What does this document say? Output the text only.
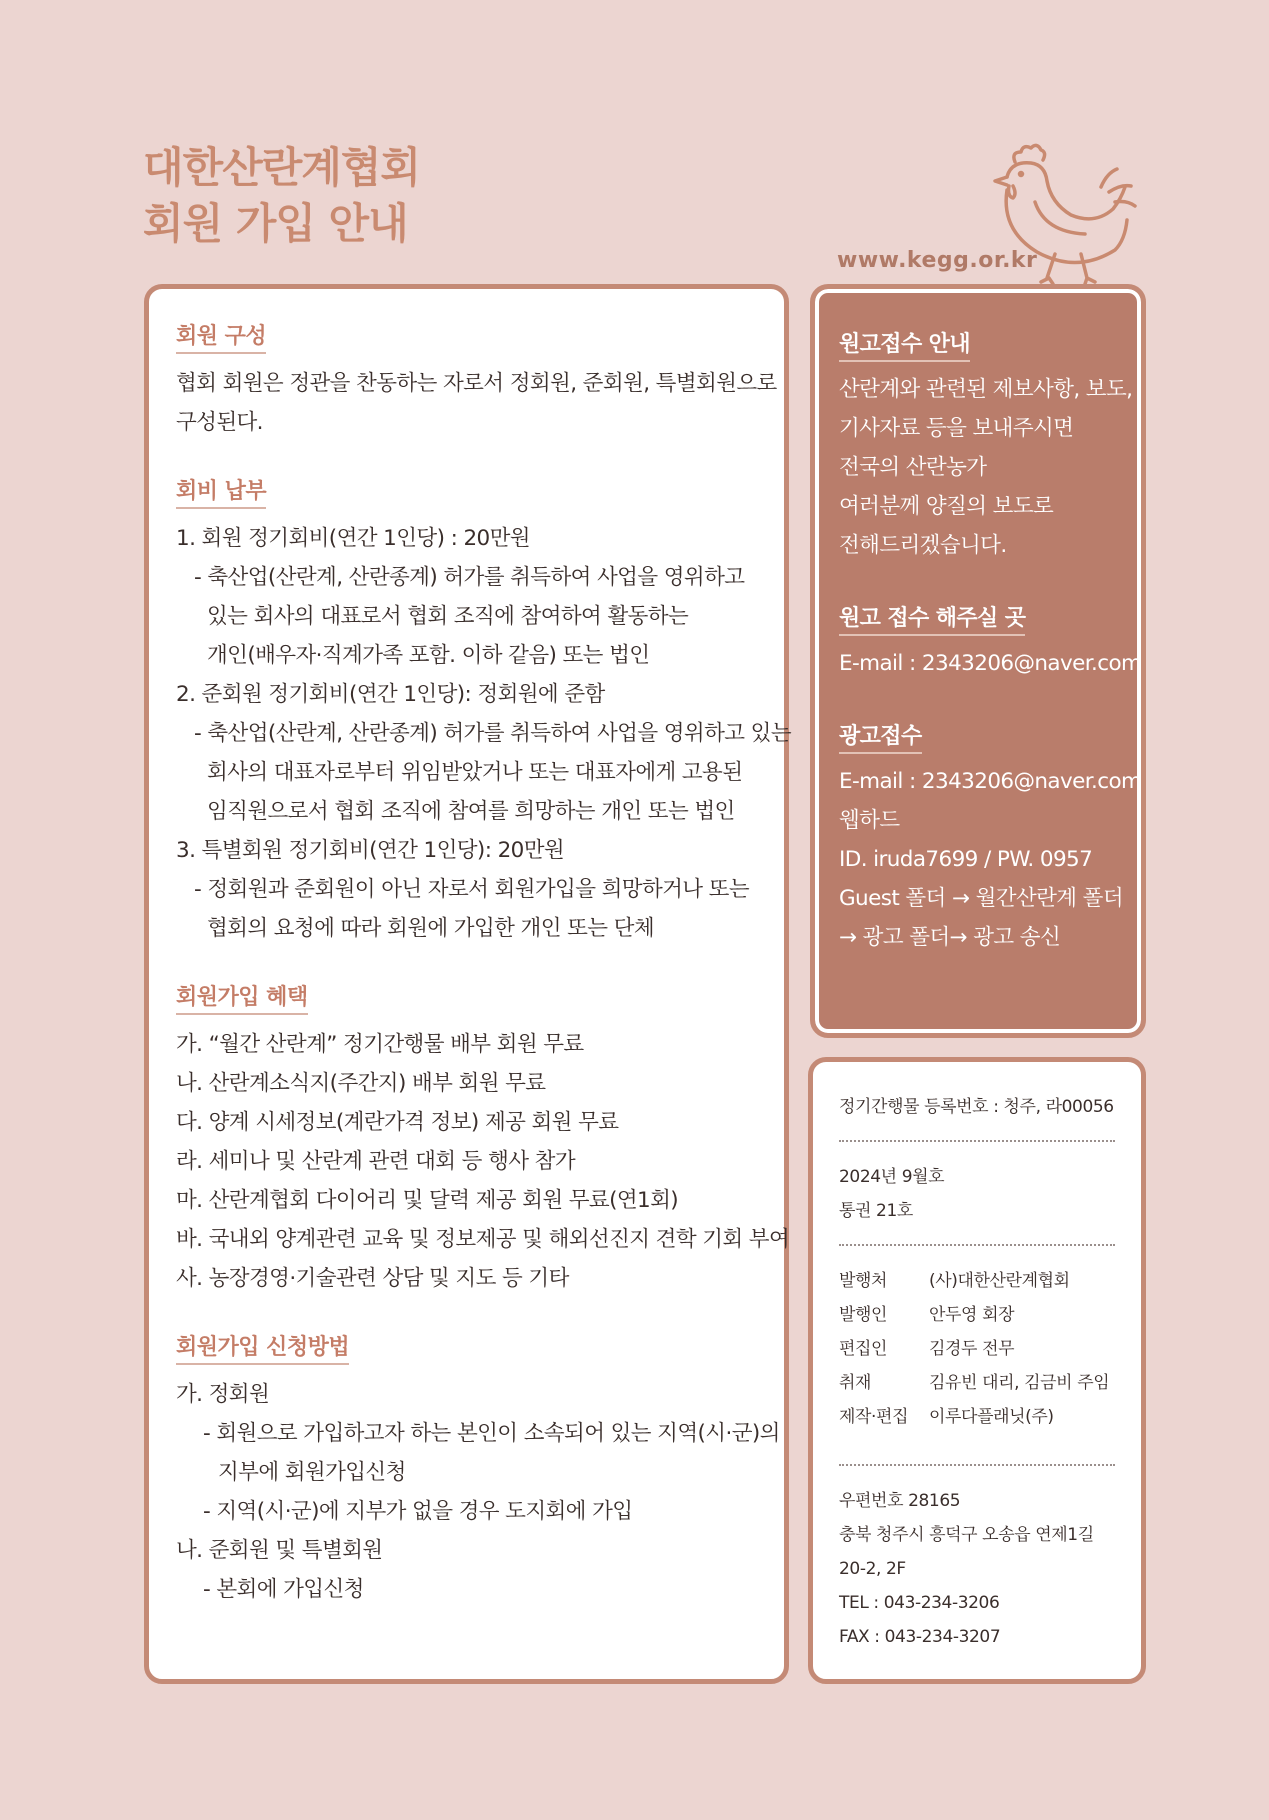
대한산란계협회
회원 가입 안내
www.kegg.or.kr
회원 구성
협회 회원은 정관을 찬동하는 자로서 정회원, 준회원, 특별회원으로
구성된다.
회비 납부
1. 회원 정기회비(연간 1인당) : 20만원
- 축산업(산란계, 산란종계) 허가를 취득하여 사업을 영위하고
있는 회사의 대표로서 협회 조직에 참여하여 활동하는
개인(배우자·직계가족 포함. 이하 같음) 또는 법인
2. 준회원 정기회비(연간 1인당): 정회원에 준함
- 축산업(산란계, 산란종계) 허가를 취득하여 사업을 영위하고 있는
회사의 대표자로부터 위임받았거나 또는 대표자에게 고용된
임직원으로서 협회 조직에 참여를 희망하는 개인 또는 법인
3. 특별회원 정기회비(연간 1인당): 20만원
- 정회원과 준회원이 아닌 자로서 회원가입을 희망하거나 또는
협회의 요청에 따라 회원에 가입한 개인 또는 단체
회원가입 혜택
가. “월간 산란계” 정기간행물 배부 회원 무료
나. 산란계소식지(주간지) 배부 회원 무료
다. 양계 시세정보(계란가격 정보) 제공 회원 무료
라. 세미나 및 산란계 관련 대회 등 행사 참가
마. 산란계협회 다이어리 및 달력 제공 회원 무료(연1회)
바. 국내외 양계관련 교육 및 정보제공 및 해외선진지 견학 기회 부여
사. 농장경영·기술관련 상담 및 지도 등 기타
회원가입 신청방법
가. 정회원
- 회원으로 가입하고자 하는 본인이 소속되어 있는 지역(시·군)의
지부에 회원가입신청
- 지역(시·군)에 지부가 없을 경우 도지회에 가입
나. 준회원 및 특별회원
- 본회에 가입신청
원고접수 안내
산란계와 관련된 제보사항, 보도,
기사자료 등을 보내주시면
전국의 산란농가
여러분께 양질의 보도로
전해드리겠습니다.
원고 접수 해주실 곳
E-mail : 2343206@naver.com
광고접수
E-mail : 2343206@naver.com
웹하드
ID. iruda7699 / PW. 0957
Guest 폴더 → 월간산란계 폴더
→ 광고 폴더→ 광고 송신
정기간행물 등록번호 : 청주, 라00056
2024년 9월호
통권 21호
발행처	(사)대한산란계협회
발행인	안두영 회장
편집인	김경두 전무
취재	김유빈 대리, 김금비 주임
제작·편집	이루다플래닛(주)
우편번호 28165
충북 청주시 흥덕구 오송읍 연제1길
20-2, 2F
TEL : 043-234-3206
FAX : 043-234-3207
